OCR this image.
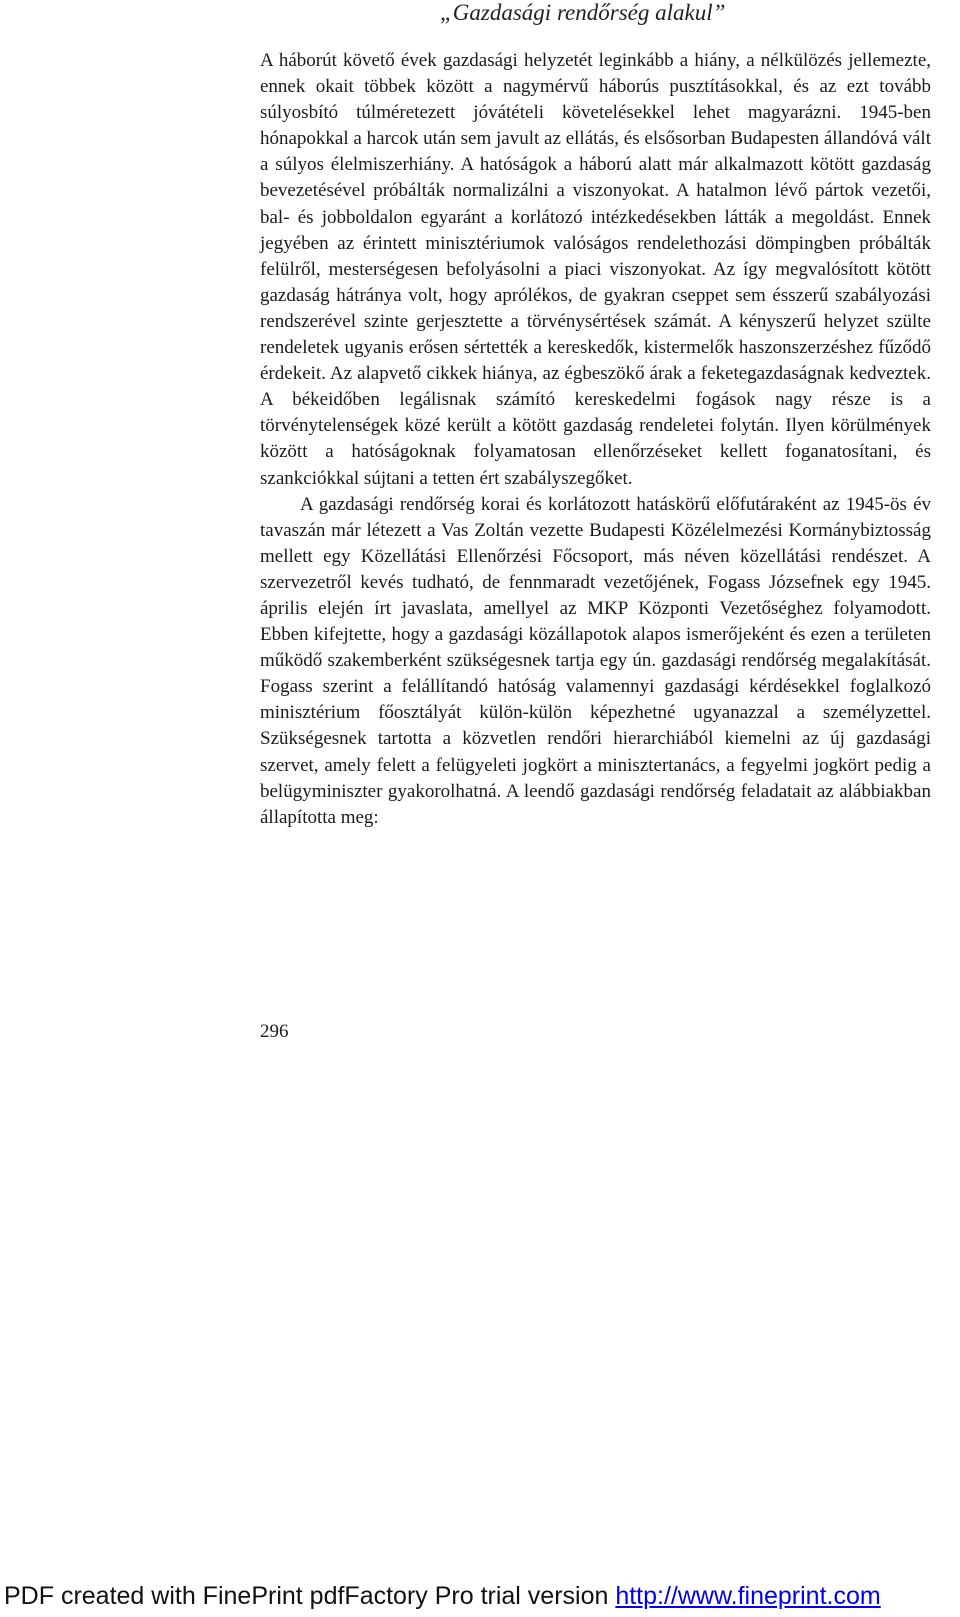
„Gazdasági rendőrség alakul”

A háborút követő évek gazdasági helyzetét leginkább a hiány, a nélkülözés jellemezte, ennek okait többek között a nagymérvű háborús pusztításokkal, és az ezt tovább súlyosbító túlméretezett jóvátételi követelésekkel lehet magyarázni. 1945-ben hónapokkal a harcok után sem javult az ellátás, és elsősorban Budapesten állandóvá vált a súlyos élelmiszerhiány. A hatóságok a háború alatt már alkalmazott kötött gazdaság bevezetésével próbálták normalizálni a viszonyokat. A hatalmon lévő pártok vezetői, bal- és jobboldalon egyaránt a korlátozó intézkedésekben látták a megoldást. Ennek jegyében az érintett minisztériumok valóságos rendelethozási dömpingben próbálták felülről, mesterségesen befolyásolni a piaci viszonyokat. Az így megvalósított kötött gazdaság hátránya volt, hogy aprólékos, de gyakran cseppet sem ésszerű szabályozási rendszerével szinte gerjesztette a törvénysértések számát. A kényszerű helyzet szülte rendeletek ugyanis erősen sértették a kereskedők, kistermelők haszonszerzéshez fűződő érdekeit. Az alapvető cikkek hiánya, az égbeszökő árak a feketegazdaságnak kedveztek. A békeidőben legálisnak számító kereskedelmi fogások nagy része is a törvénytelenségek közé került a kötött gazdaság rendeletei folytán. Ilyen körülmények között a hatóságoknak folyamatosan ellenőrzéseket kellett foganatosítani, és szankciókkal sújtani a tetten ért szabályszegőket.

A gazdasági rendőrség korai és korlátozott hatáskörű előfutáraként az 1945-ös év tavaszán már létezett a Vas Zoltán vezette Budapesti Közélelmezési Kormánybiztosság mellett egy Közellátási Ellenőrzési Főcsoport, más néven közellátási rendészet. A szervezetről kevés tudható, de fennmaradt vezetőjének, Fogass Józsefnek egy 1945. április elején írt javaslata, amellyel az MKP Központi Vezetőséghez folyamodott. Ebben kifejtette, hogy a gazdasági közállapotok alapos ismerőjeként és ezen a területen működő szakemberként szükségesnek tartja egy ún. gazdasági rendőrség megalakítását. Fogass szerint a felállítandó hatóság valamennyi gazdasági kérdésekkel foglalkozó minisztérium főosztályát külön-külön képezhetné ugyanazzal a személyzettel. Szükségesnek tartotta a közvetlen rendőri hierarchiából kiemelni az új gazdasági szervet, amely felett a felügyeleti jogkört a minisztertanács, a fegyelmi jogkört pedig a belügyminiszter gyakorolhatná. A leendő gazdasági rendőrség feladatait az alábbiakban állapította meg:

296
PDF created with FinePrint pdfFactory Pro trial version http://www.fineprint.com
